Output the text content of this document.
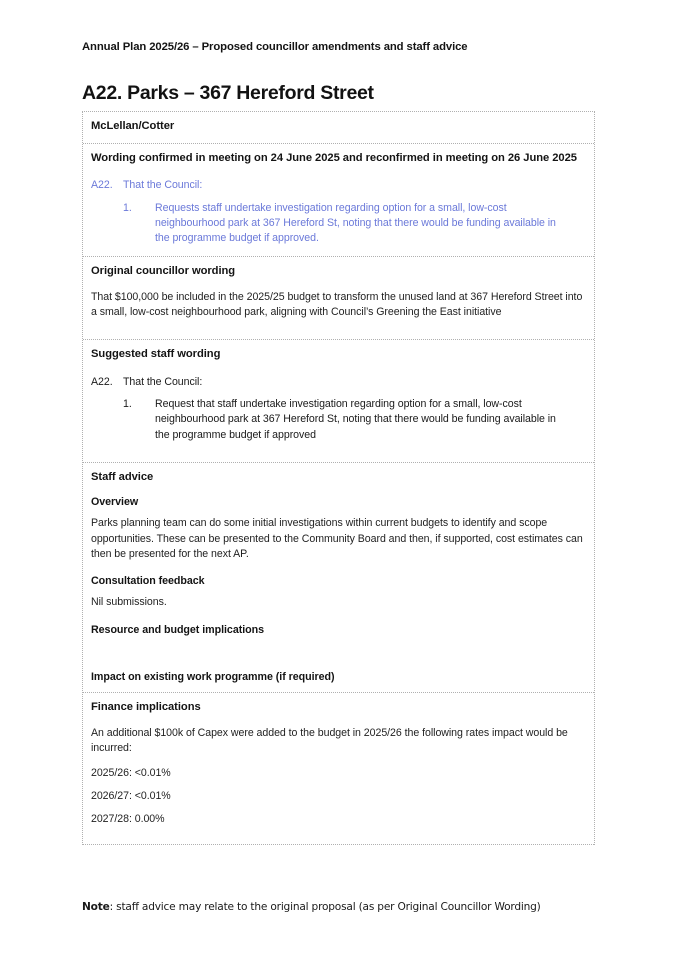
Annual Plan 2025/26 – Proposed councillor amendments and staff advice
A22. Parks – 367 Hereford Street
McLellan/Cotter
Wording confirmed in meeting on 24 June 2025 and reconfirmed in meeting on 26 June 2025
A22. That the Council:
1.	Requests staff undertake investigation regarding option for a small, low-cost neighbourhood park at 367 Hereford St, noting that there would be funding available in the programme budget if approved.
Original councillor wording
That $100,000 be included in the 2025/25 budget to transform the unused land at 367 Hereford Street into a small, low-cost neighbourhood park, aligning with Council’s Greening the East initiative
Suggested staff wording
A22. That the Council:
1.	Request that staff undertake investigation regarding option for a small, low-cost neighbourhood park at 367 Hereford St, noting that there would be funding available in the programme budget if approved
Staff advice
Overview
Parks planning team can do some initial investigations within current budgets to identify and scope opportunities. These can be presented to the Community Board and then, if supported, cost estimates can then be presented for the next AP.
Consultation feedback
Nil submissions.
Resource and budget implications
Impact on existing work programme (if required)
Finance implications
An additional $100k of Capex were added to the budget in 2025/26 the following rates impact would be incurred:
2025/26: <0.01%
2026/27: <0.01%
2027/28: 0.00%
Note: staff advice may relate to the original proposal (as per Original Councillor Wording)
